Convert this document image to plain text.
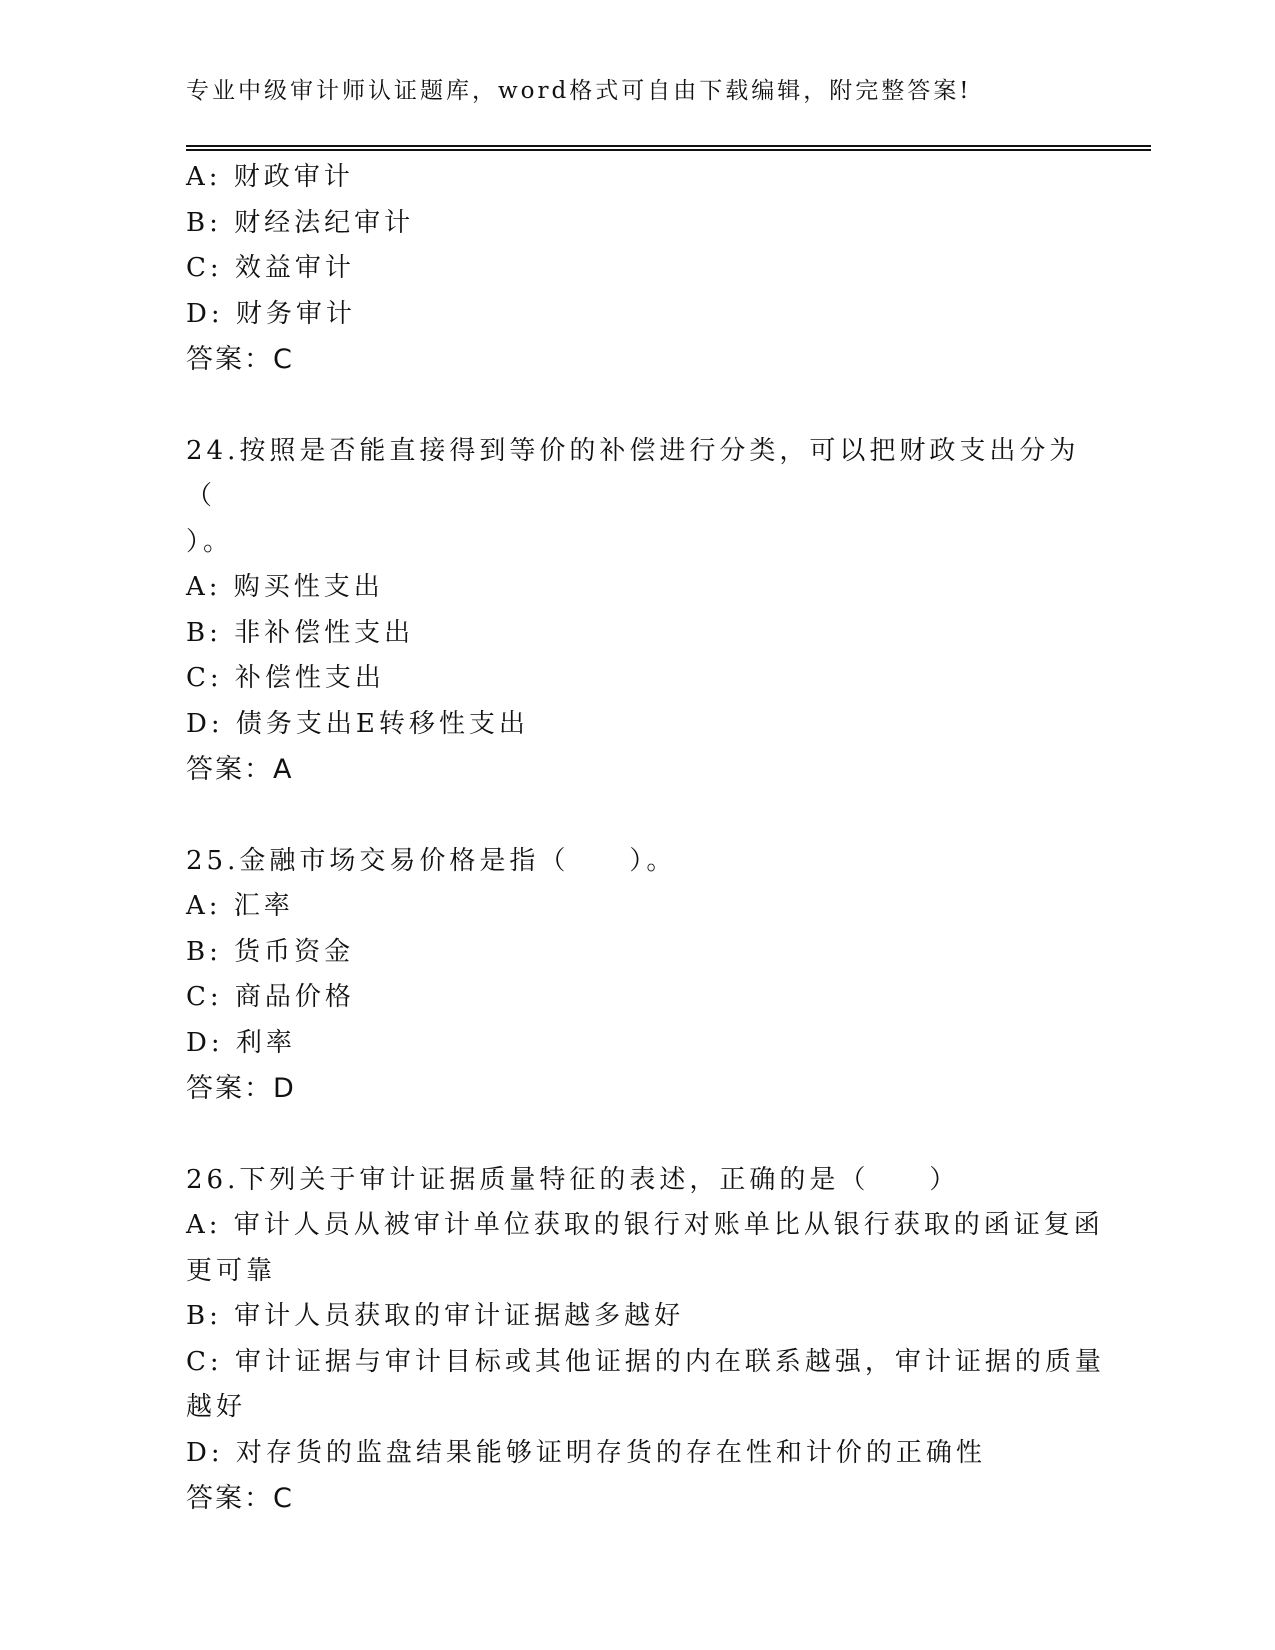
专业中级审计师认证题库，word格式可自由下载编辑，附完整答案!
A: 财政审计
B: 财经法纪审计
C: 效益审计
D: 财务审计
答案：C
24.按照是否能直接得到等价的补偿进行分类，可以把财政支出分为（
）。
A: 购买性支出
B: 非补偿性支出
C: 补偿性支出
D: 债务支出E转移性支出
答案：A
25.金融市场交易价格是指（　　）。
A: 汇率
B: 货币资金
C: 商品价格
D: 利率
答案：D
26.下列关于审计证据质量特征的表述，正确的是（　　）
A: 审计人员从被审计单位获取的银行对账单比从银行获取的函证复函
更可靠
B: 审计人员获取的审计证据越多越好
C: 审计证据与审计目标或其他证据的内在联系越强，审计证据的质量
越好
D: 对存货的监盘结果能够证明存货的存在性和计价的正确性
答案：C
